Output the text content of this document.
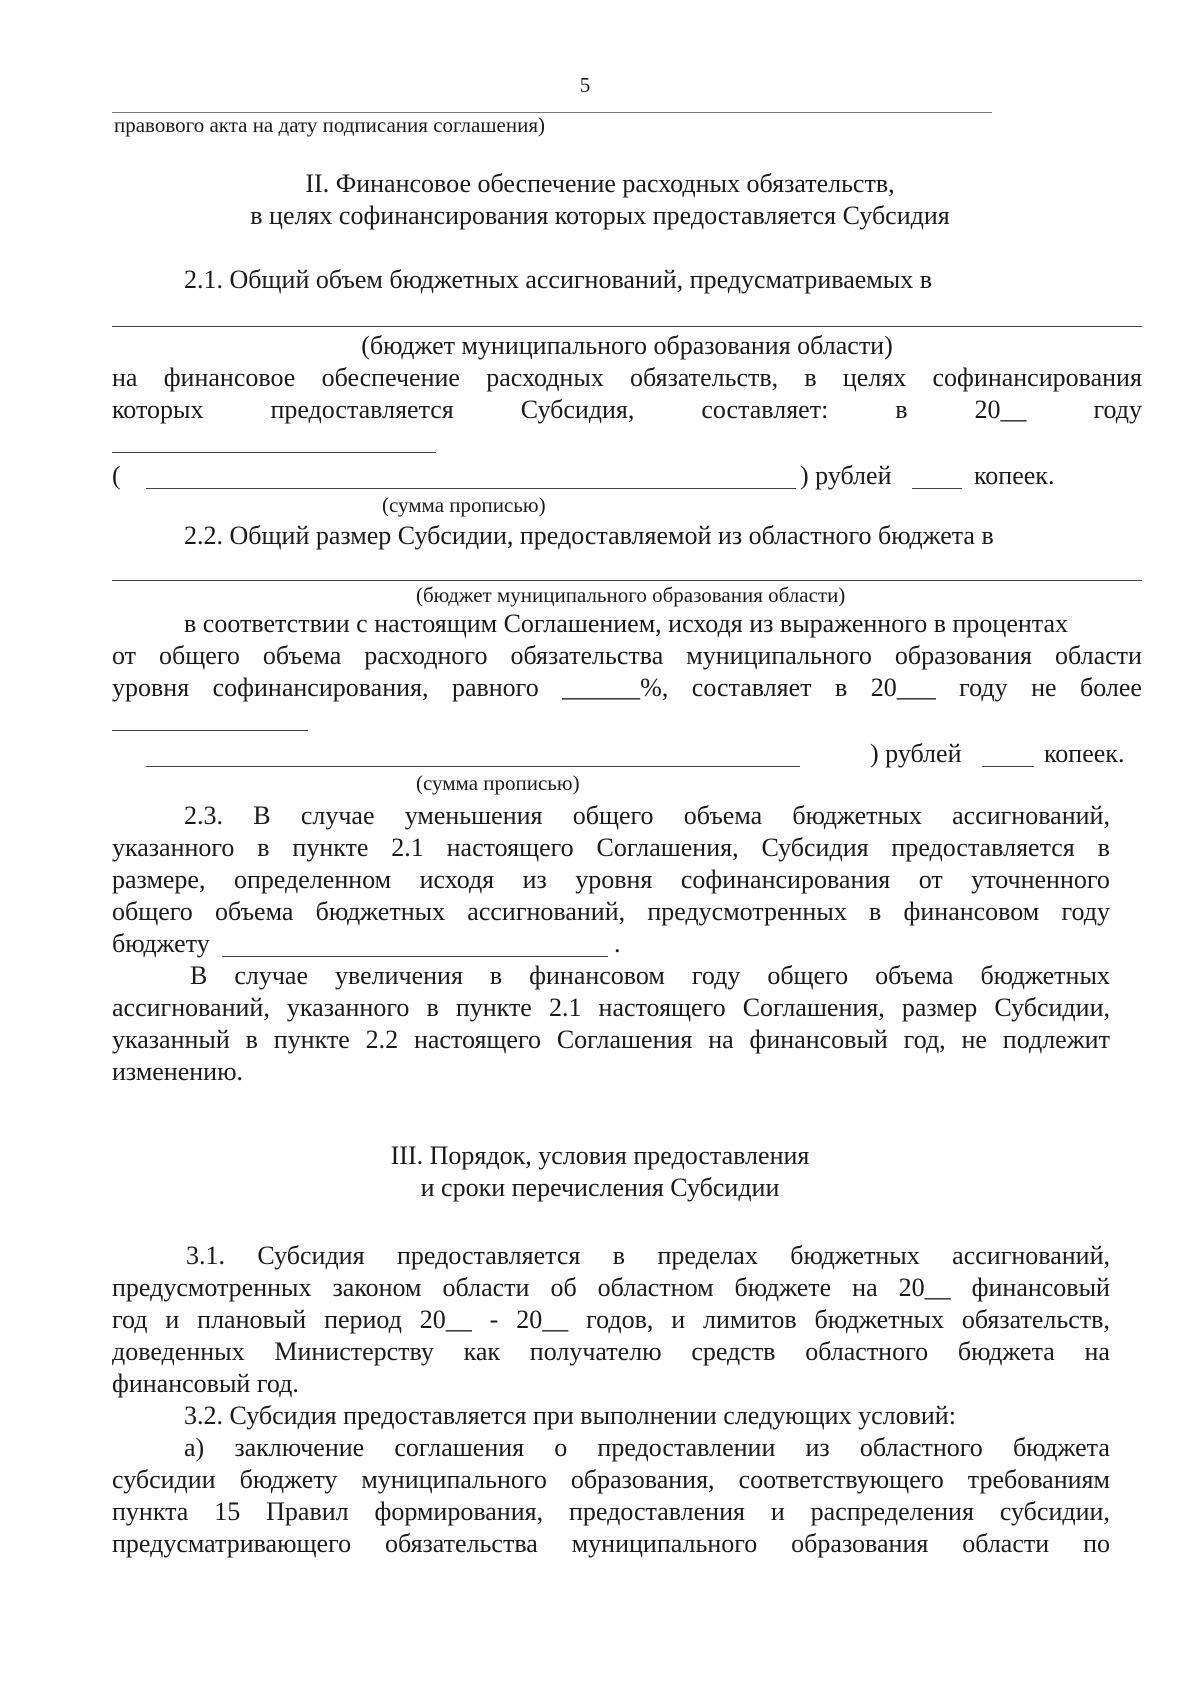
5
правового акта на дату подписания соглашения)
II. Финансовое обеспечение расходных обязательств,
в целях софинансирования которых предоставляется Субсидия
2.1. Общий объем бюджетных ассигнований, предусматриваемых в
(бюджет муниципального образования области)
на финансовое обеспечение расходных обязательств, в целях софинансирования
которых	предоставляется	Субсидия,	составляет:	в	20__	году
(	) рублей	копеек.
(сумма прописью)
2.2. Общий размер Субсидии, предоставляемой из областного бюджета в
(бюджет муниципального образования области)
в соответствии с настоящим Соглашением, исходя из выраженного в процентах
от общего объема расходного обязательства муниципального образования области
уровня софинансирования, равного ______%, составляет в 20___ году не более
) рублей	копеек.
(сумма прописью)
2.3. В случае уменьшения общего объема бюджетных ассигнований,
указанного в пункте 2.1 настоящего Соглашения, Субсидия предоставляется в
размере, определенном исходя из уровня софинансирования от уточненного
общего объема бюджетных ассигнований, предусмотренных в финансовом году
бюджету	.
В случае увеличения в финансовом году общего объема бюджетных
ассигнований, указанного в пункте 2.1 настоящего Соглашения, размер Субсидии,
указанный в пункте 2.2 настоящего Соглашения на финансовый год, не подлежит
изменению.
III. Порядок, условия предоставления
и сроки перечисления Субсидии
3.1. Субсидия предоставляется в пределах бюджетных ассигнований,
предусмотренных законом области об областном бюджете на 20__ финансовый
год и плановый период 20__ - 20__ годов, и лимитов бюджетных обязательств,
доведенных Министерству как получателю средств областного бюджета на
финансовый год.
3.2. Субсидия предоставляется при выполнении следующих условий:
а) заключение соглашения о предоставлении из областного бюджета
субсидии бюджету муниципального образования, соответствующего требованиям
пункта 15 Правил формирования, предоставления и распределения субсидии,
предусматривающего обязательства муниципального образования области по
